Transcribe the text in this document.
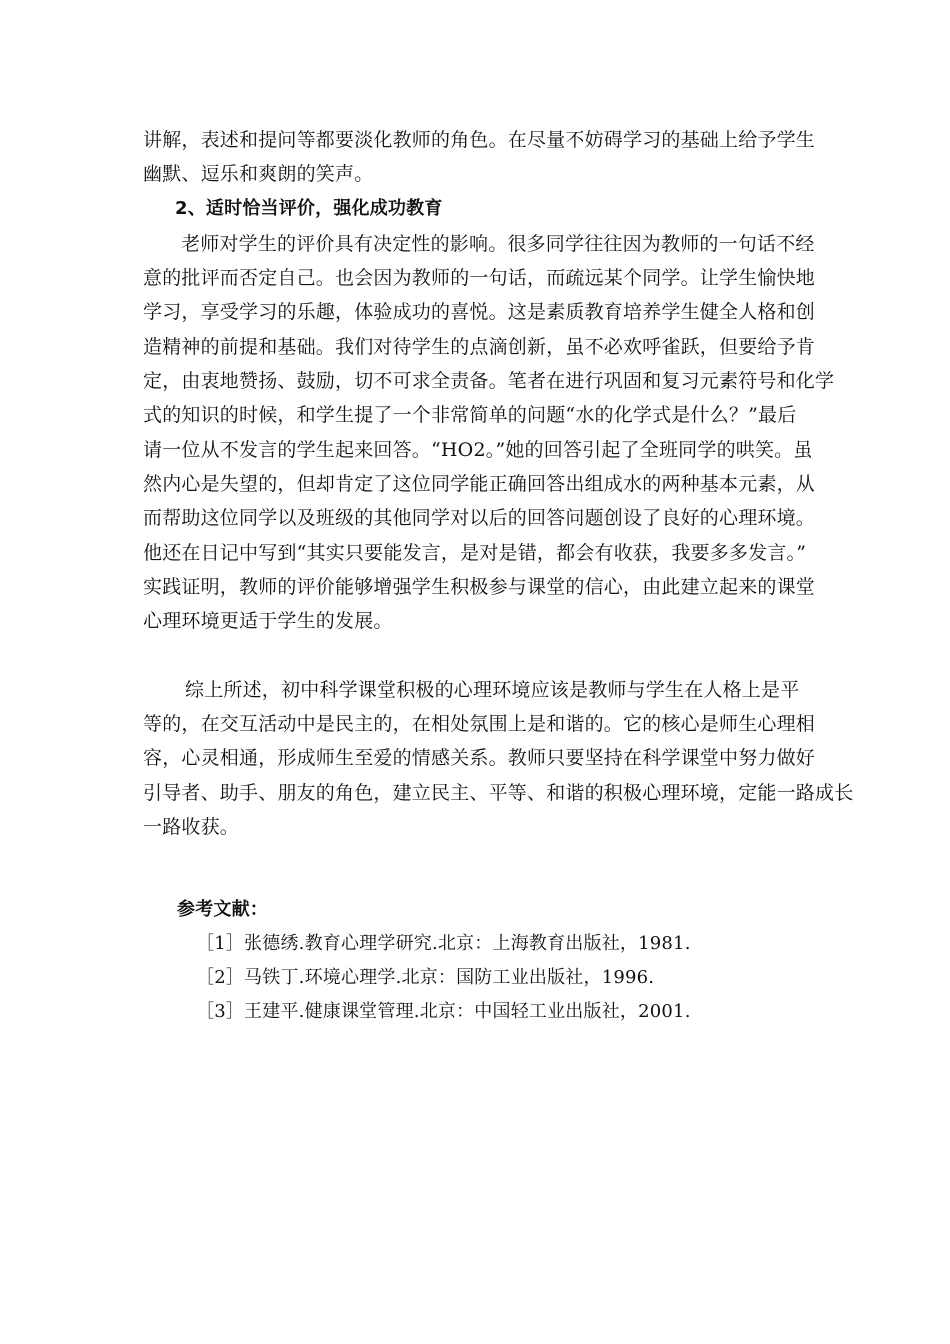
讲解，表述和提问等都要淡化教师的角色。在尽量不妨碍学习的基础上给予学生

幽默、逗乐和爽朗的笑声。

2、适时恰当评价，强化成功教育

老师对学生的评价具有决定性的影响。很多同学往往因为教师的一句话不经

意的批评而否定自己。也会因为教师的一句话，而疏远某个同学。让学生愉快地

学习，享受学习的乐趣，体验成功的喜悦。这是素质教育培养学生健全人格和创

造精神的前提和基础。我们对待学生的点滴创新，虽不必欢呼雀跃，但要给予肯

定，由衷地赞扬、鼓励，切不可求全责备。笔者在进行巩固和复习元素符号和化学

式的知识的时候，和学生提了一个非常简单的问题“水的化学式是什么？”最后

请一位从不发言的学生起来回答。“HO2。”她的回答引起了全班同学的哄笑。虽

然内心是失望的，但却肯定了这位同学能正确回答出组成水的两种基本元素，从

而帮助这位同学以及班级的其他同学对以后的回答问题创设了良好的心理环境。

他还在日记中写到“其实只要能发言，是对是错，都会有收获，我要多多发言。”

实践证明，教师的评价能够增强学生积极参与课堂的信心，由此建立起来的课堂

心理环境更适于学生的发展。

综上所述，初中科学课堂积极的心理环境应该是教师与学生在人格上是平

等的，在交互活动中是民主的，在相处氛围上是和谐的。它的核心是师生心理相

容，心灵相通，形成师生至爱的情感关系。教师只要坚持在科学课堂中努力做好

引导者、助手、朋友的角色，建立民主、平等、和谐的积极心理环境，定能一路成长

一路收获。

参考文献：

［1］张德绣.教育心理学研究.北京：上海教育出版社，1981.

［2］马铁丁.环境心理学.北京：国防工业出版社，1996.

［3］王建平.健康课堂管理.北京：中国轻工业出版社，2001.
